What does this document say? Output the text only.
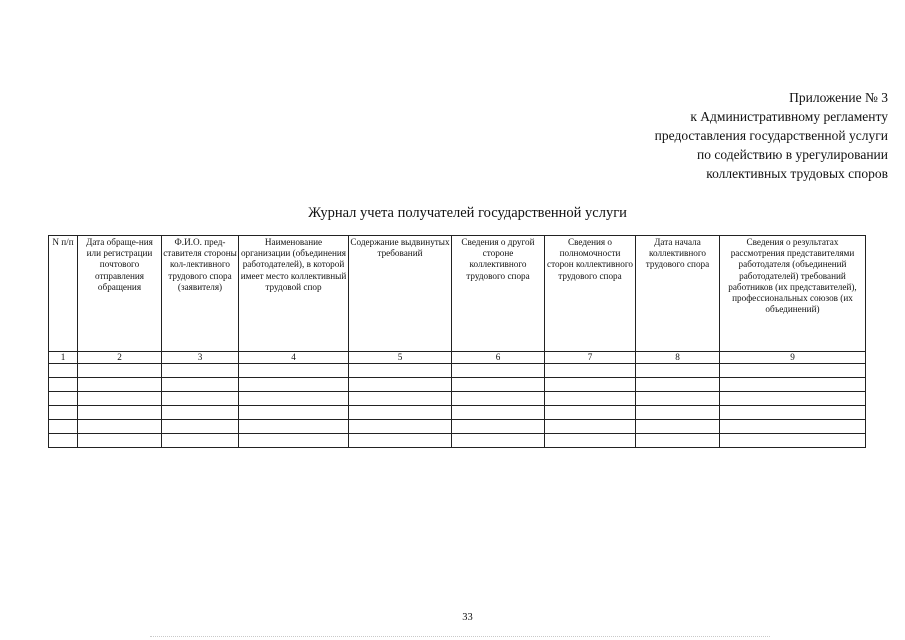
Приложение № 3
к Административному регламенту
предоставления государственной услуги
по содействию в урегулировании
коллективных трудовых споров
Журнал учета получателей государственной услуги
N п/п	Дата обраще-ния или регистрации почтового отправления обращения	Ф.И.О. пред-ставителя стороны кол-лективного трудового спора (заявителя)	Наименование организации (объединения работодателей), в которой имеет место коллективный трудовой спор	Содержание выдвинутых требований	Сведения о другой стороне коллективного трудового спора	Сведения о полномочности сторон коллективного трудового спора	Дата начала коллективного трудового спора	Сведения о результатах рассмотрения представителями работодателя (объединений работодателей) требований работников (их представителей), профессиональных союзов (их объединений)
1	2	3	4	5	6	7	8	9

33
